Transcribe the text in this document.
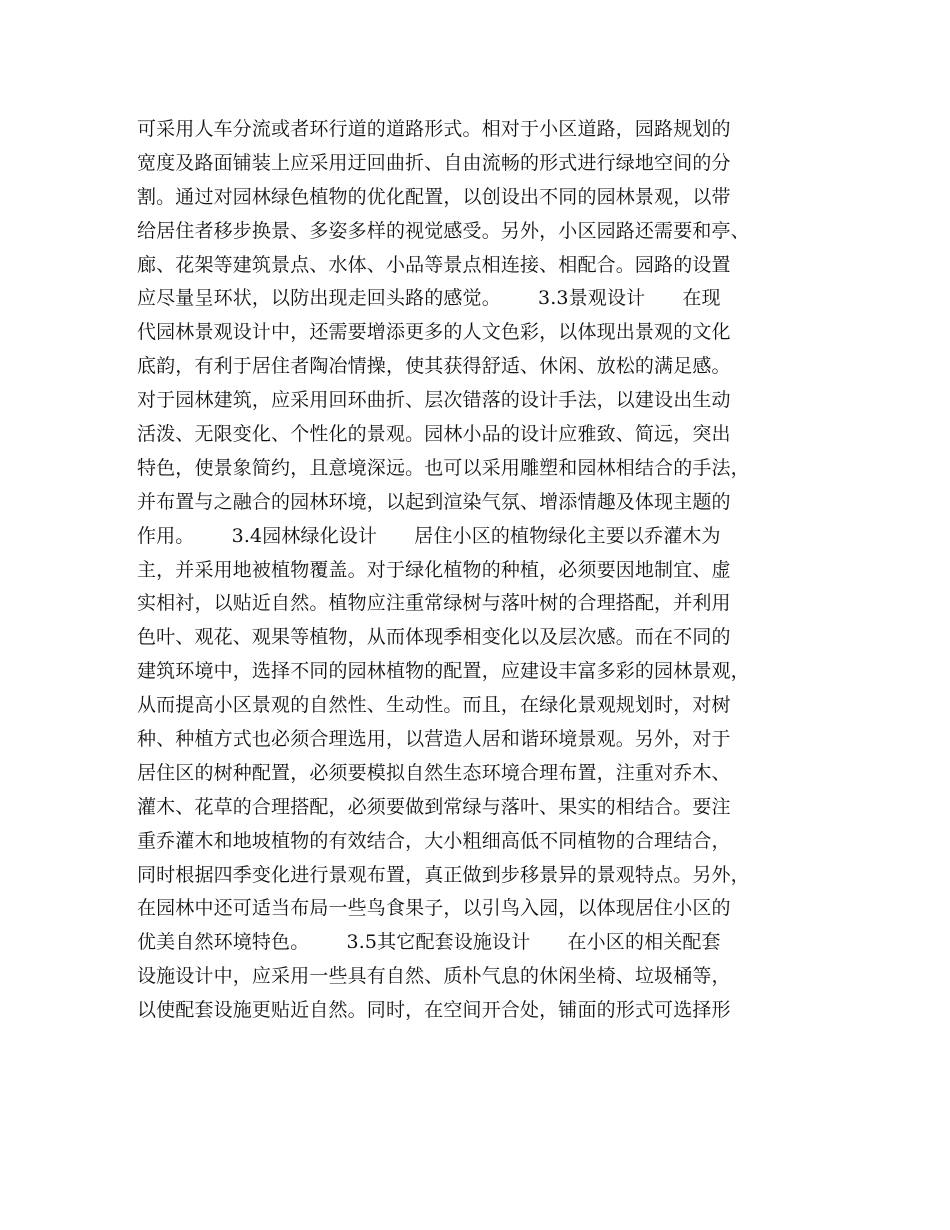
可采用人车分流或者环行道的道路形式。相对于小区道路，园路规划的
宽度及路面铺装上应采用迂回曲折、自由流畅的形式进行绿地空间的分
割。通过对园林绿色植物的优化配置，以创设出不同的园林景观，以带
给居住者移步换景、多姿多样的视觉感受。另外，小区园路还需要和亭、
廊、花架等建筑景点、水体、小品等景点相连接、相配合。园路的设置
应尽量呈环状，以防出现走回头路的感觉。      3.3景观设计      在现
代园林景观设计中，还需要增添更多的人文色彩，以体现出景观的文化
底韵，有利于居住者陶冶情操，使其获得舒适、休闲、放松的满足感。
对于园林建筑，应采用回环曲折、层次错落的设计手法，以建设出生动
活泼、无限变化、个性化的景观。园林小品的设计应雅致、简远，突出
特色，使景象简约，且意境深远。也可以采用雕塑和园林相结合的手法，
并布置与之融合的园林环境，以起到渲染气氛、增添情趣及体现主题的
作用。      3.4园林绿化设计      居住小区的植物绿化主要以乔灌木为
主，并采用地被植物覆盖。对于绿化植物的种植，必须要因地制宜、虚
实相衬，以贴近自然。植物应注重常绿树与落叶树的合理搭配，并利用
色叶、观花、观果等植物，从而体现季相变化以及层次感。而在不同的
建筑环境中，选择不同的园林植物的配置，应建设丰富多彩的园林景观，
从而提高小区景观的自然性、生动性。而且，在绿化景观规划时，对树
种、种植方式也必须合理选用，以营造人居和谐环境景观。另外，对于
居住区的树种配置，必须要模拟自然生态环境合理布置，注重对乔木、
灌木、花草的合理搭配，必须要做到常绿与落叶、果实的相结合。要注
重乔灌木和地坡植物的有效结合，大小粗细高低不同植物的合理结合，
同时根据四季变化进行景观布置，真正做到步移景异的景观特点。另外，
在园林中还可适当布局一些鸟食果子，以引鸟入园，以体现居住小区的
优美自然环境特色。      3.5其它配套设施设计      在小区的相关配套
设施设计中，应采用一些具有自然、质朴气息的休闲坐椅、垃圾桶等，
以使配套设施更贴近自然。同时，在空间开合处，铺面的形式可选择形
